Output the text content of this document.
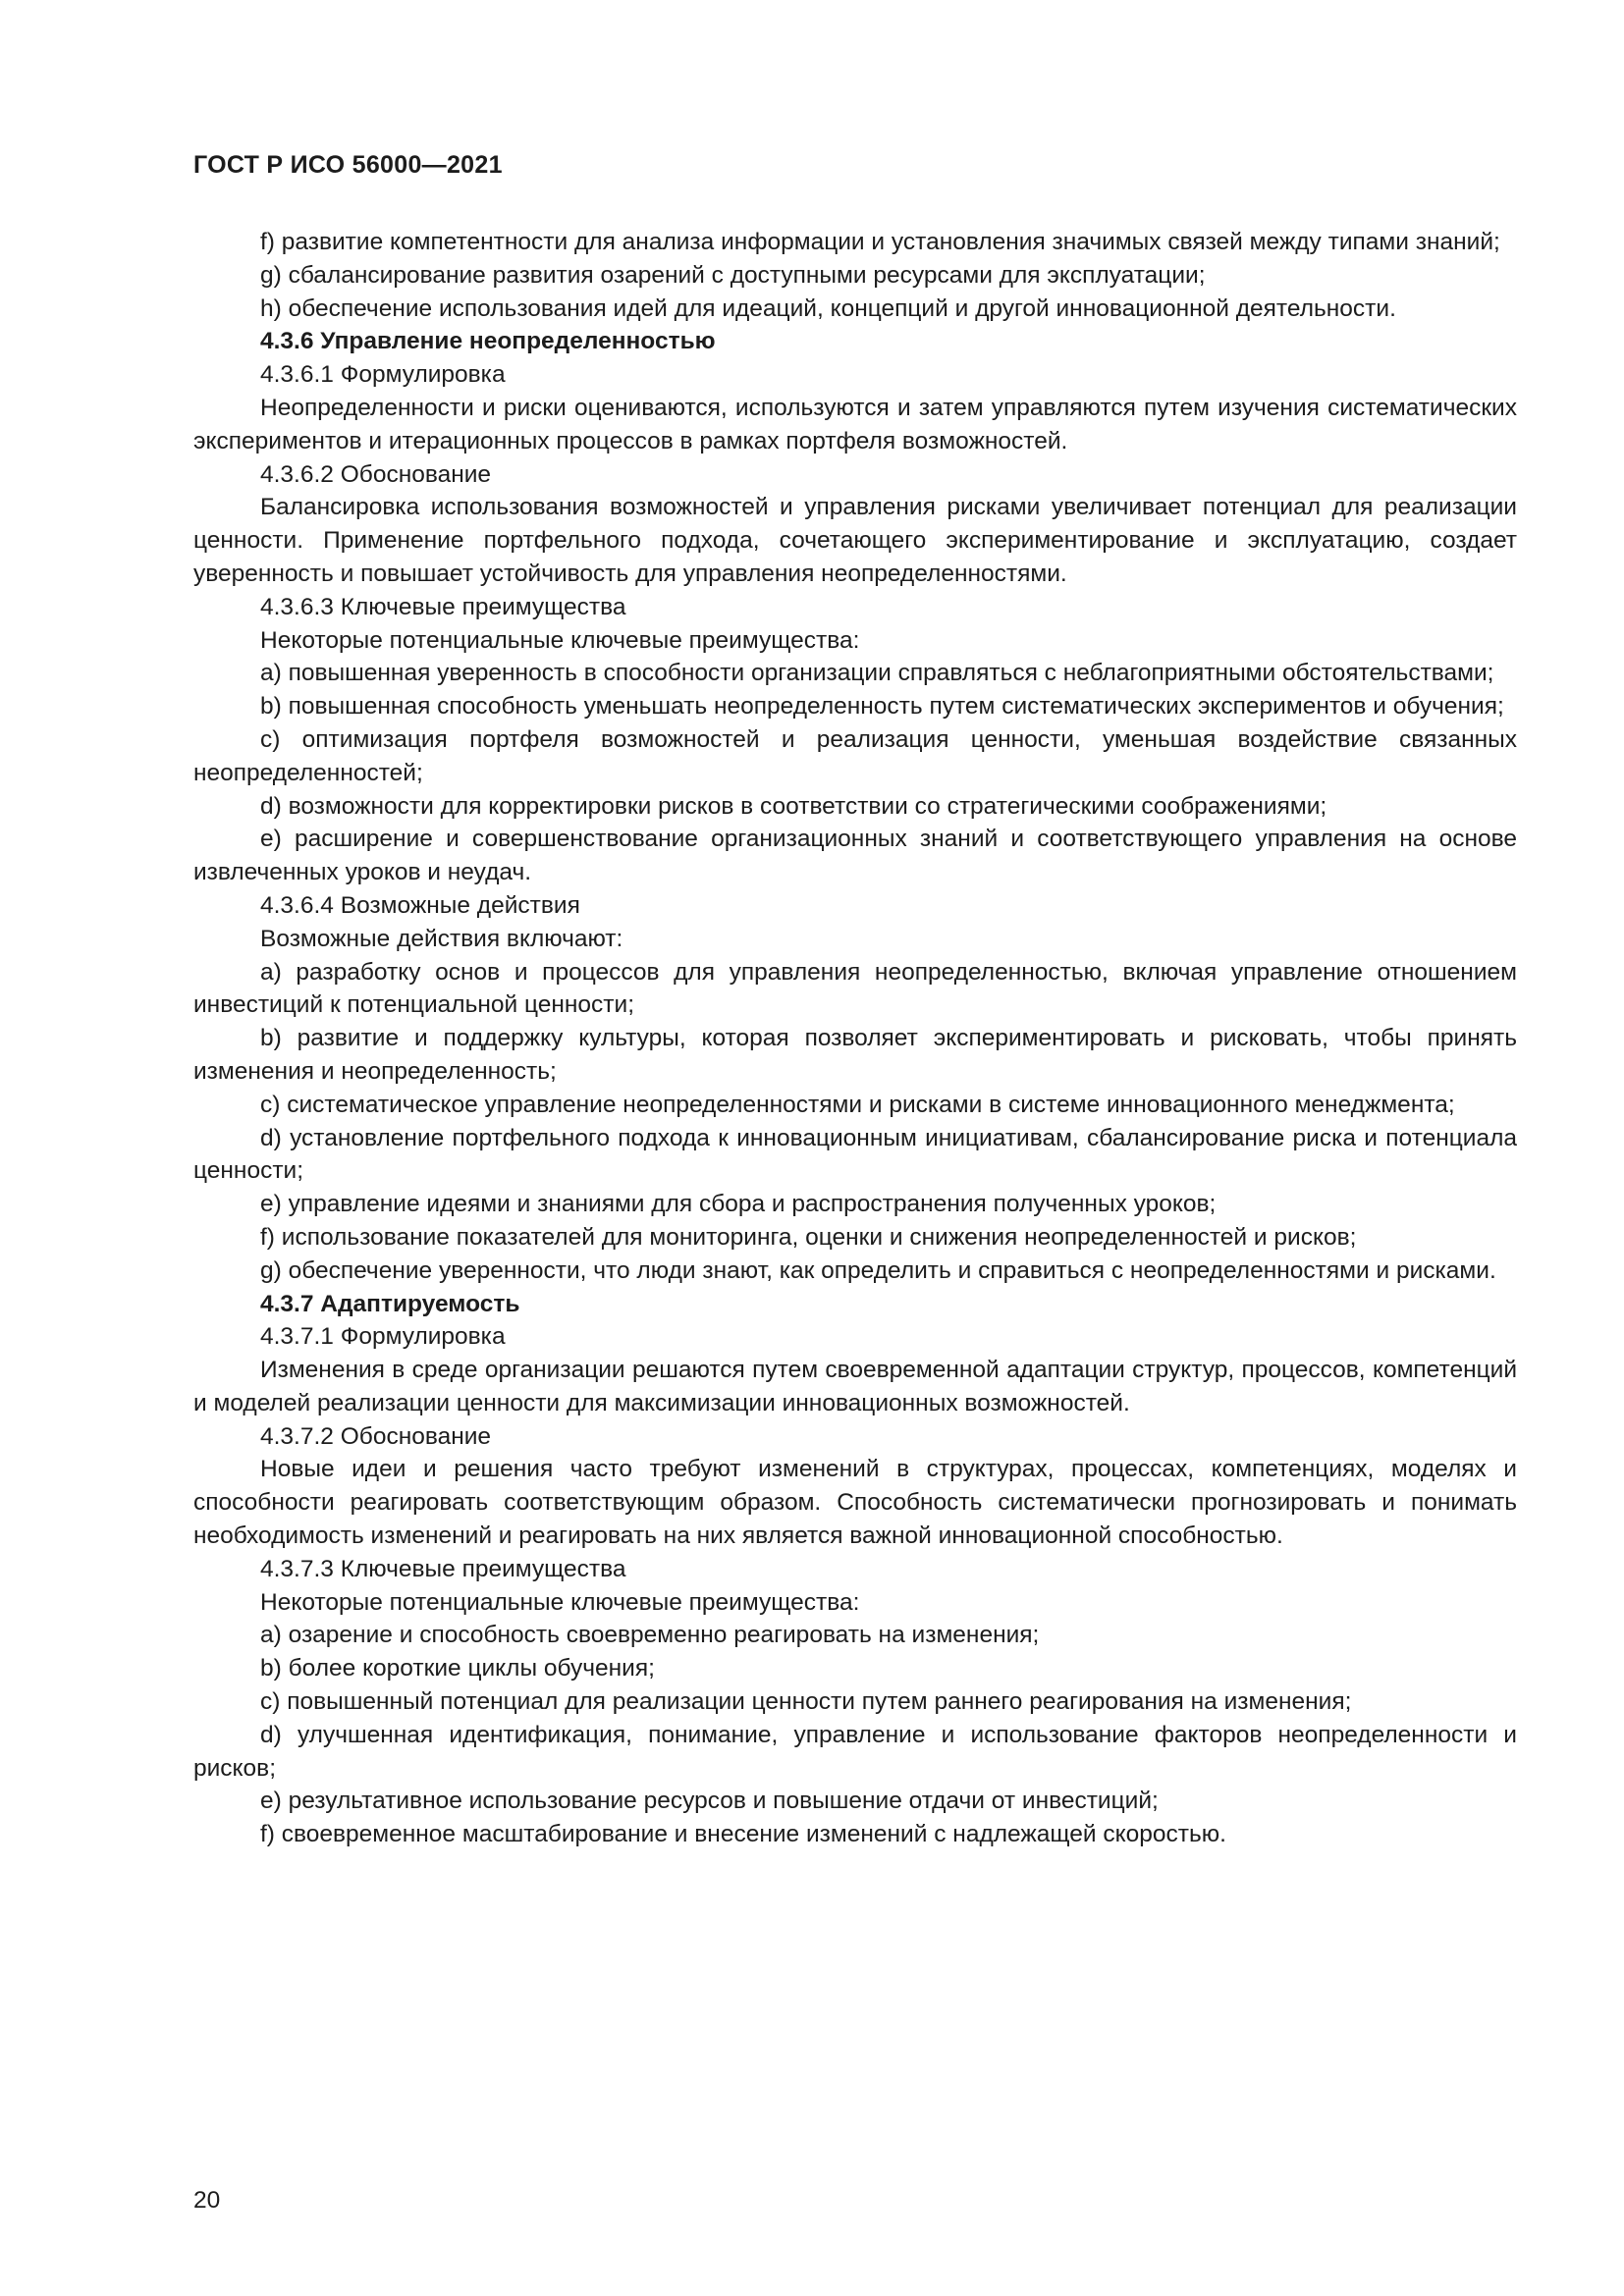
ГОСТ Р ИСО 56000—2021

f) развитие компетентности для анализа информации и установления значимых связей между типами знаний;

g) сбалансирование развития озарений с доступными ресурсами для эксплуатации;

h) обеспечение использования идей для идеаций, концепций и другой инновационной деятельности.

4.3.6 Управление неопределенностью

4.3.6.1 Формулировка

Неопределенности и риски оцениваются, используются и затем управляются путем изучения систематических экспериментов и итерационных процессов в рамках портфеля возможностей.

4.3.6.2 Обоснование

Балансировка использования возможностей и управления рисками увеличивает потенциал для реализации ценности. Применение портфельного подхода, сочетающего экспериментирование и эксплуатацию, создает уверенность и повышает устойчивость для управления неопределенностями.

4.3.6.3 Ключевые преимущества

Некоторые потенциальные ключевые преимущества:

a) повышенная уверенность в способности организации справляться с неблагоприятными обстоятельствами;

b) повышенная способность уменьшать неопределенность путем систематических экспериментов и обучения;

c) оптимизация портфеля возможностей и реализация ценности, уменьшая воздействие связанных неопределенностей;

d) возможности для корректировки рисков в соответствии со стратегическими соображениями;

e) расширение и совершенствование организационных знаний и соответствующего управления на основе извлеченных уроков и неудач.

4.3.6.4 Возможные действия

Возможные действия включают:

a) разработку основ и процессов для управления неопределенностью, включая управление отношением инвестиций к потенциальной ценности;

b) развитие и поддержку культуры, которая позволяет экспериментировать и рисковать, чтобы принять изменения и неопределенность;

c) систематическое управление неопределенностями и рисками в системе инновационного менеджмента;

d) установление портфельного подхода к инновационным инициативам, сбалансирование риска и потенциала ценности;

e) управление идеями и знаниями для сбора и распространения полученных уроков;

f) использование показателей для мониторинга, оценки и снижения неопределенностей и рисков;

g) обеспечение уверенности, что люди знают, как определить и справиться с неопределенностями и рисками.

4.3.7 Адаптируемость

4.3.7.1 Формулировка

Изменения в среде организации решаются путем своевременной адаптации структур, процессов, компетенций и моделей реализации ценности для максимизации инновационных возможностей.

4.3.7.2 Обоснование

Новые идеи и решения часто требуют изменений в структурах, процессах, компетенциях, моделях и способности реагировать соответствующим образом. Способность систематически прогнозировать и понимать необходимость изменений и реагировать на них является важной инновационной способностью.

4.3.7.3 Ключевые преимущества

Некоторые потенциальные ключевые преимущества:

a) озарение и способность своевременно реагировать на изменения;

b) более короткие циклы обучения;

c) повышенный потенциал для реализации ценности путем раннего реагирования на изменения;

d) улучшенная идентификация, понимание, управление и использование факторов неопределенности и рисков;

e) результативное использование ресурсов и повышение отдачи от инвестиций;

f) своевременное масштабирование и внесение изменений с надлежащей скоростью.

20
